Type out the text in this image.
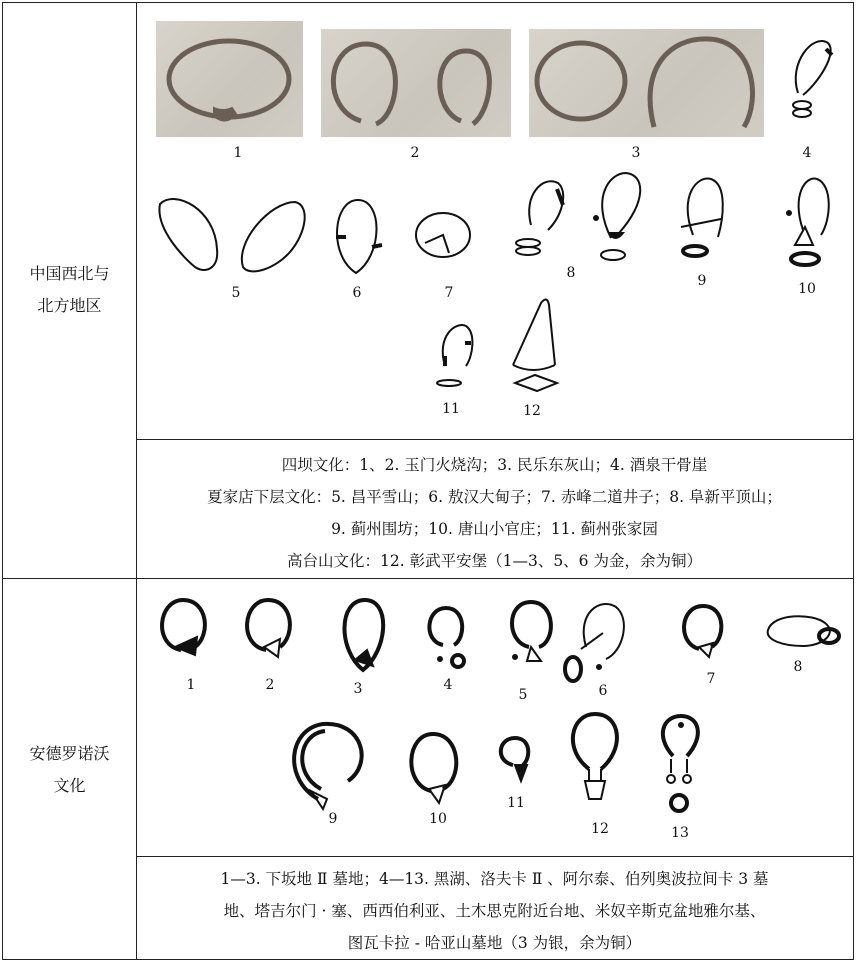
中国西北与
北方地区
1	2	3	4
5	6	7
8	9	10
11	12
四坝文化：1、2. 玉门火烧沟；3. 民乐东灰山；4. 酒泉干骨崖
夏家店下层文化：5. 昌平雪山；6. 敖汉大甸子；7. 赤峰二道井子；8. 阜新平顶山；
9. 蓟州围坊；10. 唐山小官庄；11. 蓟州张家园
高台山文化：12. 彰武平安堡（1—3、5、6 为金，余为铜）
安德罗诺沃
文化
1	2	3	4
5	6
7
8
9	10
11
12	13
1—3. 下坂地 Ⅱ 墓地；4—13. 黑湖、洛夫卡 Ⅱ 、阿尔泰、伯列奥波拉间卡 3 墓
地、塔吉尔门 · 塞、西西伯利亚、土木思克附近台地、米奴辛斯克盆地雅尔基、
图瓦卡拉 - 哈亚山墓地（3 为银，余为铜）
